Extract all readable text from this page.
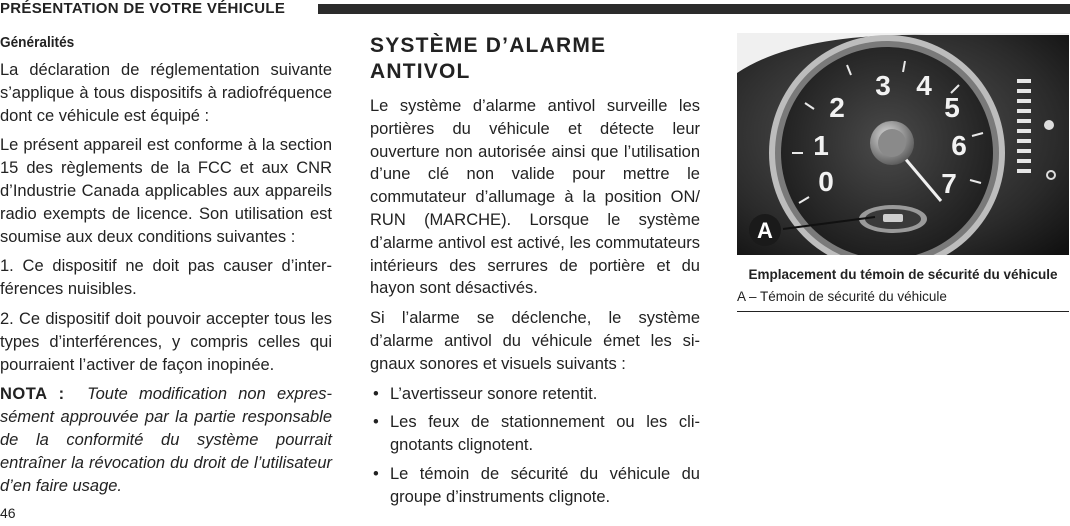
PRÉSENTATION DE VOTRE VÉHICULE
Généralités

La déclaration de réglementation suivante s’applique à tous dispositifs à radiofréquence dont ce véhicule est équipé :

Le présent appareil est conforme à la section 15 des règlements de la FCC et aux CNR d’Industrie Canada applicables aux appareils radio exempts de licence. Son utilisation est soumise aux deux conditions suivantes :

1. Ce dispositif ne doit pas causer d’interférences nuisibles.

2. Ce dispositif doit pouvoir accepter tous les types d’interférences, y compris celles qui pourraient l’activer de façon inopinée.

NOTA : Toute modification non expressément approuvée par la partie responsable de la conformité du système pourrait entraîner la révocation du droit de l’utilisateur d’en faire usage.

SYSTÈME D’ALARME ANTIVOL

Le système d’alarme antivol surveille les portières du véhicule et détecte leur ouverture non autorisée ainsi que l’utilisation d’une clé non valide pour mettre le commutateur d’allumage à la position ON/ RUN (MARCHE). Lorsque le système d’alarme antivol est activé, les commutateurs intérieurs des serrures de portière et du hayon sont désactivés.

Si l’alarme se déclenche, le système d’alarme antivol du véhicule émet les signaux sonores et visuels suivants :

• L’avertisseur sonore retentit.
• Les feux de stationnement ou les clignotants clignotent.
• Le témoin de sécurité du véhicule du groupe d’instruments clignote.
0
1
2
3 4
5
6
7
A
Emplacement du témoin de sécurité du véhicule
A – Témoin de sécurité du véhicule
46
